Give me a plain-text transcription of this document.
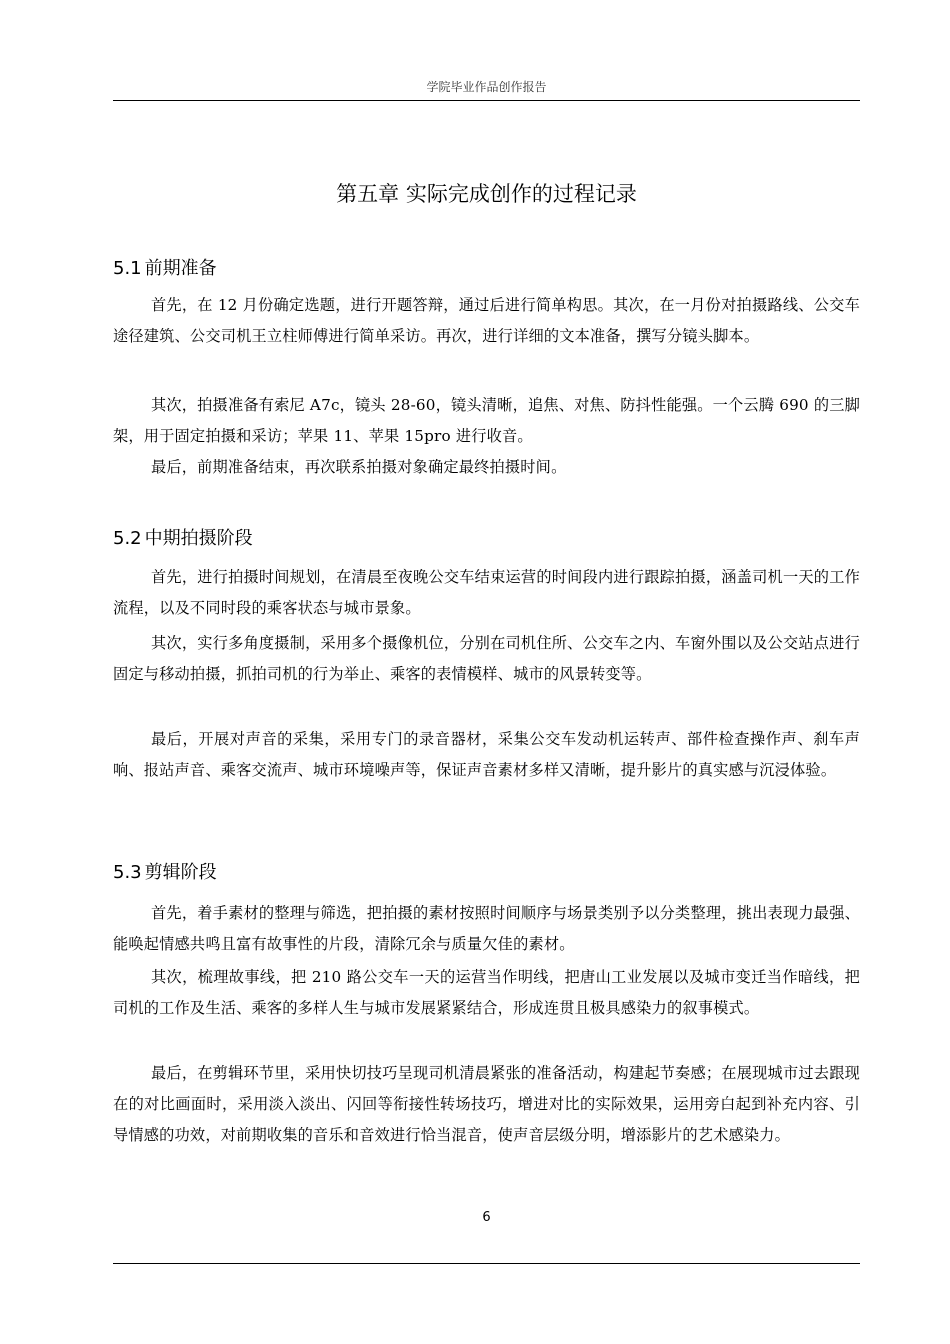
学院毕业作品创作报告
第五章 实际完成创作的过程记录
5.1 前期准备

首先，在 12 月份确定选题，进行开题答辩，通过后进行简单构思。其次，在一月份对拍摄路线、公交车途径建筑、公交司机王立柱师傅进行简单采访。再次，进行详细的文本准备，撰写分镜头脚本。

其次，拍摄准备有索尼 A7c，镜头 28-60，镜头清晰，追焦、对焦、防抖性能强。一个云腾 690 的三脚架，用于固定拍摄和采访；苹果 11、苹果 15pro 进行收音。

最后，前期准备结束，再次联系拍摄对象确定最终拍摄时间。

5.2 中期拍摄阶段

首先，进行拍摄时间规划，在清晨至夜晚公交车结束运营的时间段内进行跟踪拍摄，涵盖司机一天的工作流程，以及不同时段的乘客状态与城市景象。

其次，实行多角度摄制，采用多个摄像机位，分别在司机住所、公交车之内、车窗外围以及公交站点进行固定与移动拍摄，抓拍司机的行为举止、乘客的表情模样、城市的风景转变等。

最后，开展对声音的采集，采用专门的录音器材，采集公交车发动机运转声、部件检查操作声、刹车声响、报站声音、乘客交流声、城市环境噪声等，保证声音素材多样又清晰，提升影片的真实感与沉浸体验。

5.3 剪辑阶段

首先，着手素材的整理与筛选，把拍摄的素材按照时间顺序与场景类别予以分类整理，挑出表现力最强、能唤起情感共鸣且富有故事性的片段，清除冗余与质量欠佳的素材。

其次，梳理故事线，把 210 路公交车一天的运营当作明线，把唐山工业发展以及城市变迁当作暗线，把司机的工作及生活、乘客的多样人生与城市发展紧紧结合，形成连贯且极具感染力的叙事模式。

最后，在剪辑环节里，采用快切技巧呈现司机清晨紧张的准备活动，构建起节奏感；在展现城市过去跟现在的对比画面时，采用淡入淡出、闪回等衔接性转场技巧，增进对比的实际效果，运用旁白起到补充内容、引导情感的功效，对前期收集的音乐和音效进行恰当混音，使声音层级分明，增添影片的艺术感染力。

6
